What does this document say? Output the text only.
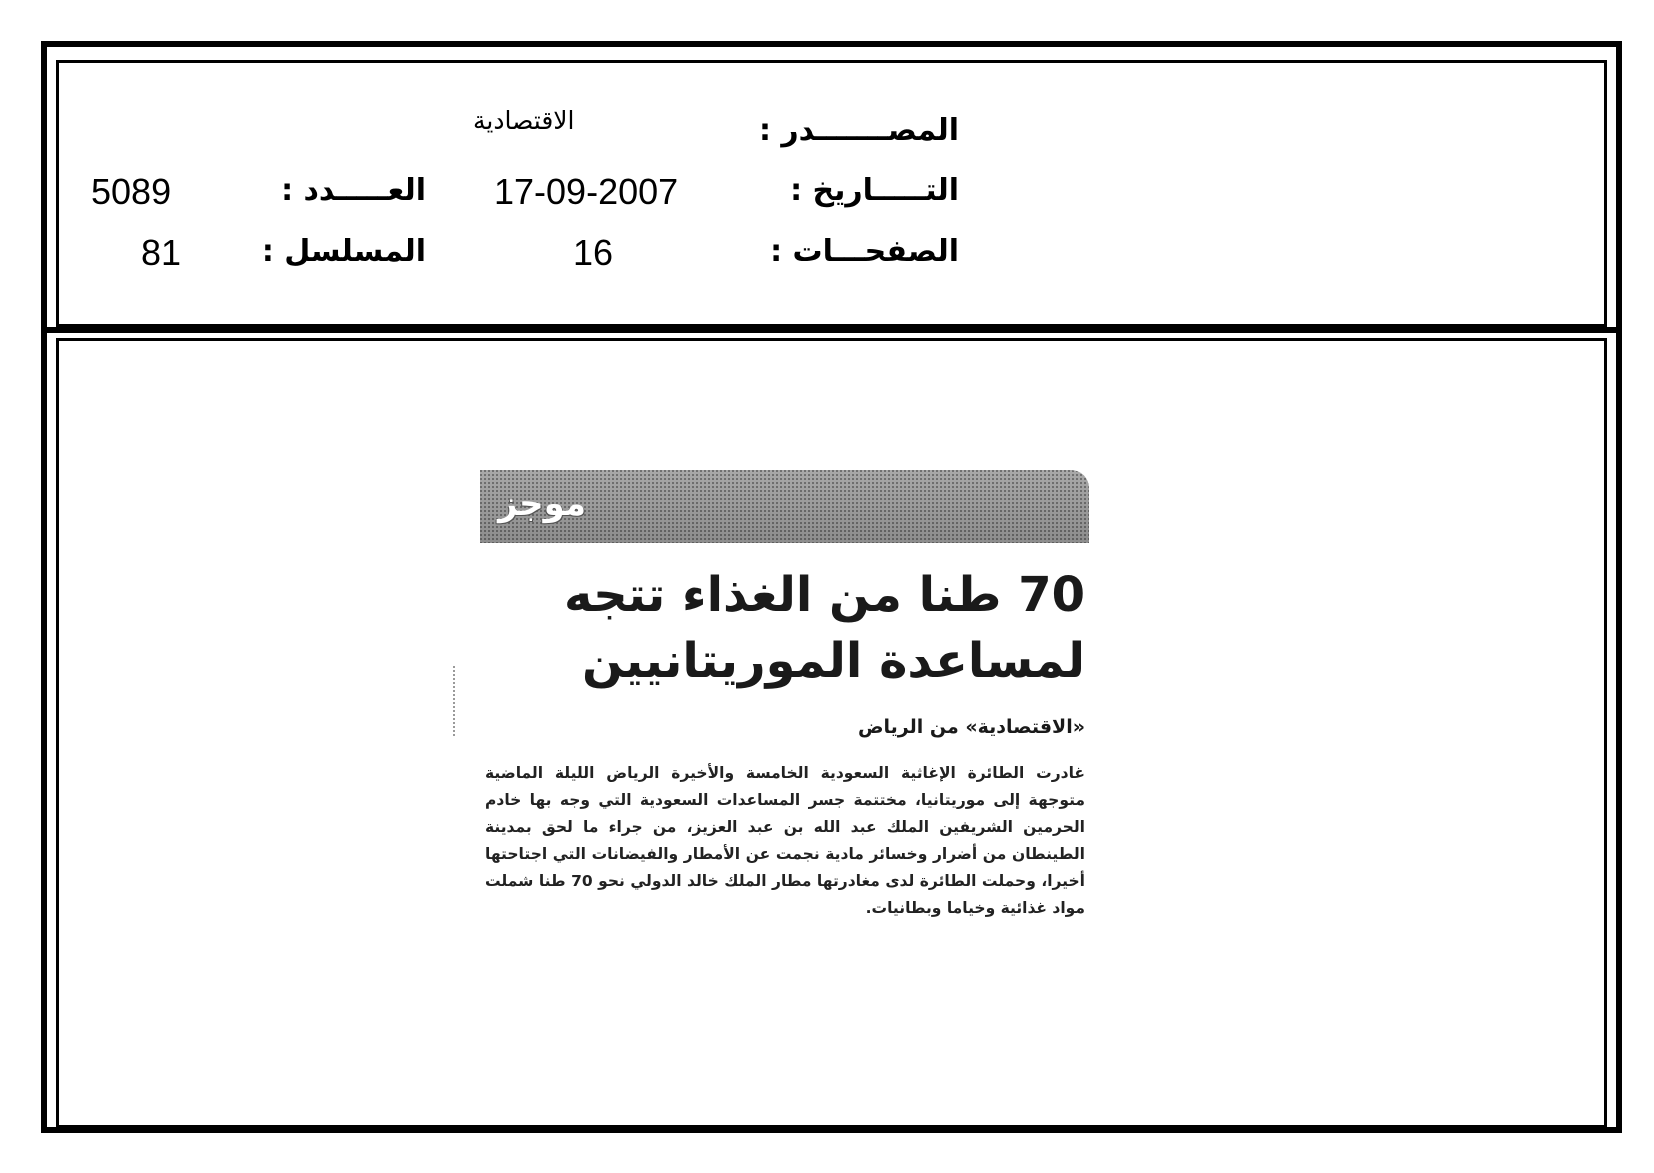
المصـــــــدر :
الاقتصادية
التـــــاريخ :
17-09-2007
العـــــدد :
5089
الصفحـــات :
16
المسلسل :
81
موجز
70 طنا من الغذاء تتجه
لمساعدة الموريتانيين
«الاقتصادية» من الرياض
غادرت الطائرة الإغاثية السعودية الخامسة والأخيرة الرياض الليلة الماضية متوجهة إلى موريتانيا، مختتمة جسر المساعدات السعودية التي وجه بها خادم الحرمين الشريفين الملك عبد الله بن عبد العزيز، من جراء ما لحق بمدينة الطينطان من أضرار وخسائر مادية نجمت عن الأمطار والفيضانات التي اجتاحتها أخيرا، وحملت الطائرة لدى مغادرتها مطار الملك خالد الدولي نحو 70 طنا شملت مواد غذائية وخياما وبطانيات.
